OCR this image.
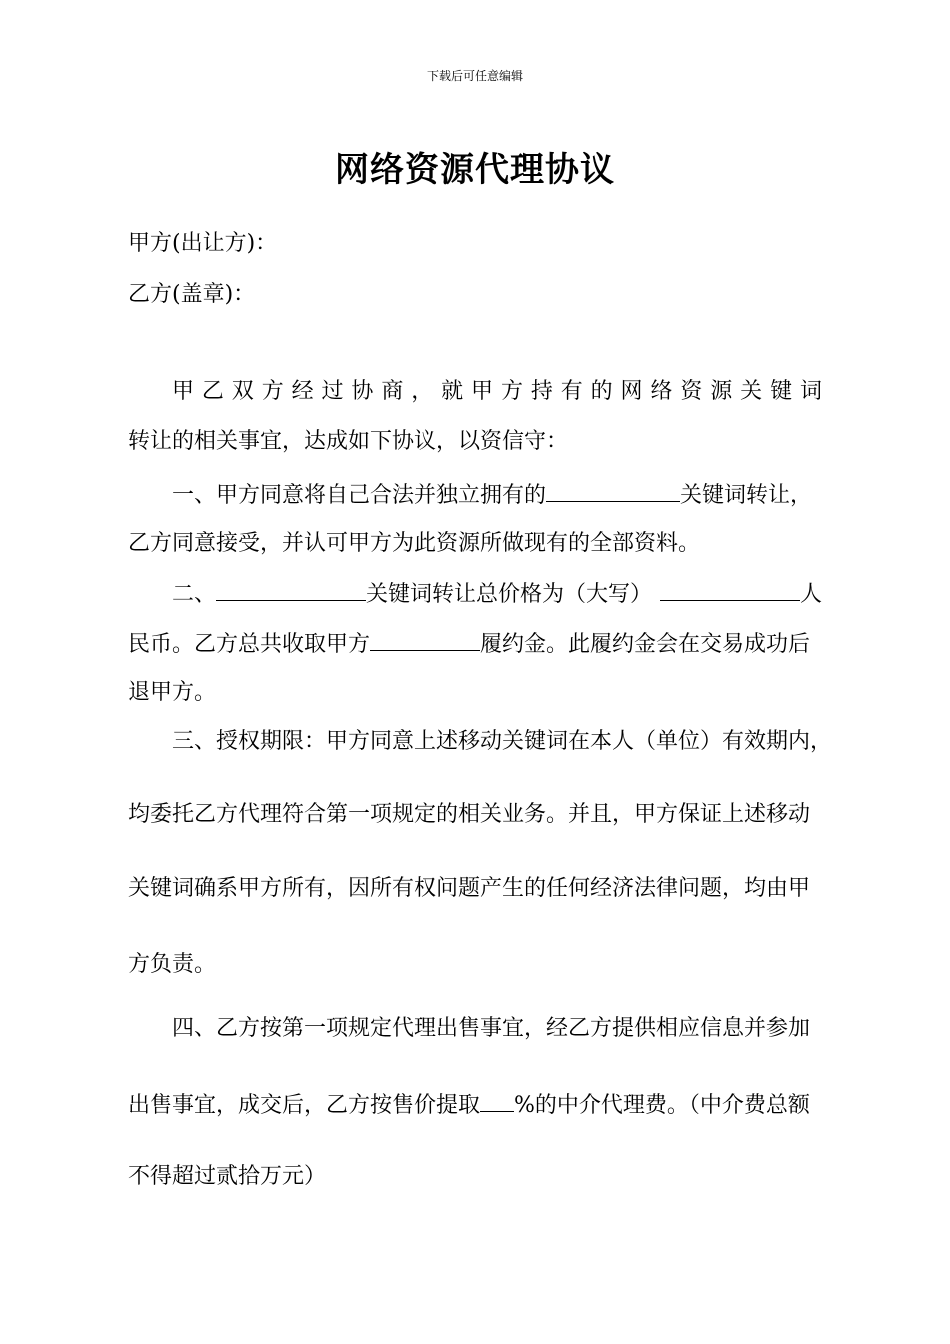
下载后可任意编辑
网络资源代理协议
甲方(出让方)：
乙方(盖章)：
甲乙双方经过协商，就甲方持有的网络资源关键词
转让的相关事宜，达成如下协议，以资信守：
一、甲方同意将自己合法并独立拥有的	关键词转让，
乙方同意接受，并认可甲方为此资源所做现有的全部资料。
二、	关键词转让总价格为（大写）	人
民币。乙方总共收取甲方	履约金。此履约金会在交易成功后
退甲方。
三、授权期限：甲方同意上述移动关键词在本人（单位）有效期内，
均委托乙方代理符合第一项规定的相关业务。并且，甲方保证上述移动
关键词确系甲方所有，因所有权问题产生的任何经济法律问题，均由甲
方负责。
四、乙方按第一项规定代理出售事宜，经乙方提供相应信息并参加
出售事宜，成交后，乙方按售价提取 %的中介代理费。（中介费总额
不得超过贰拾万元）
